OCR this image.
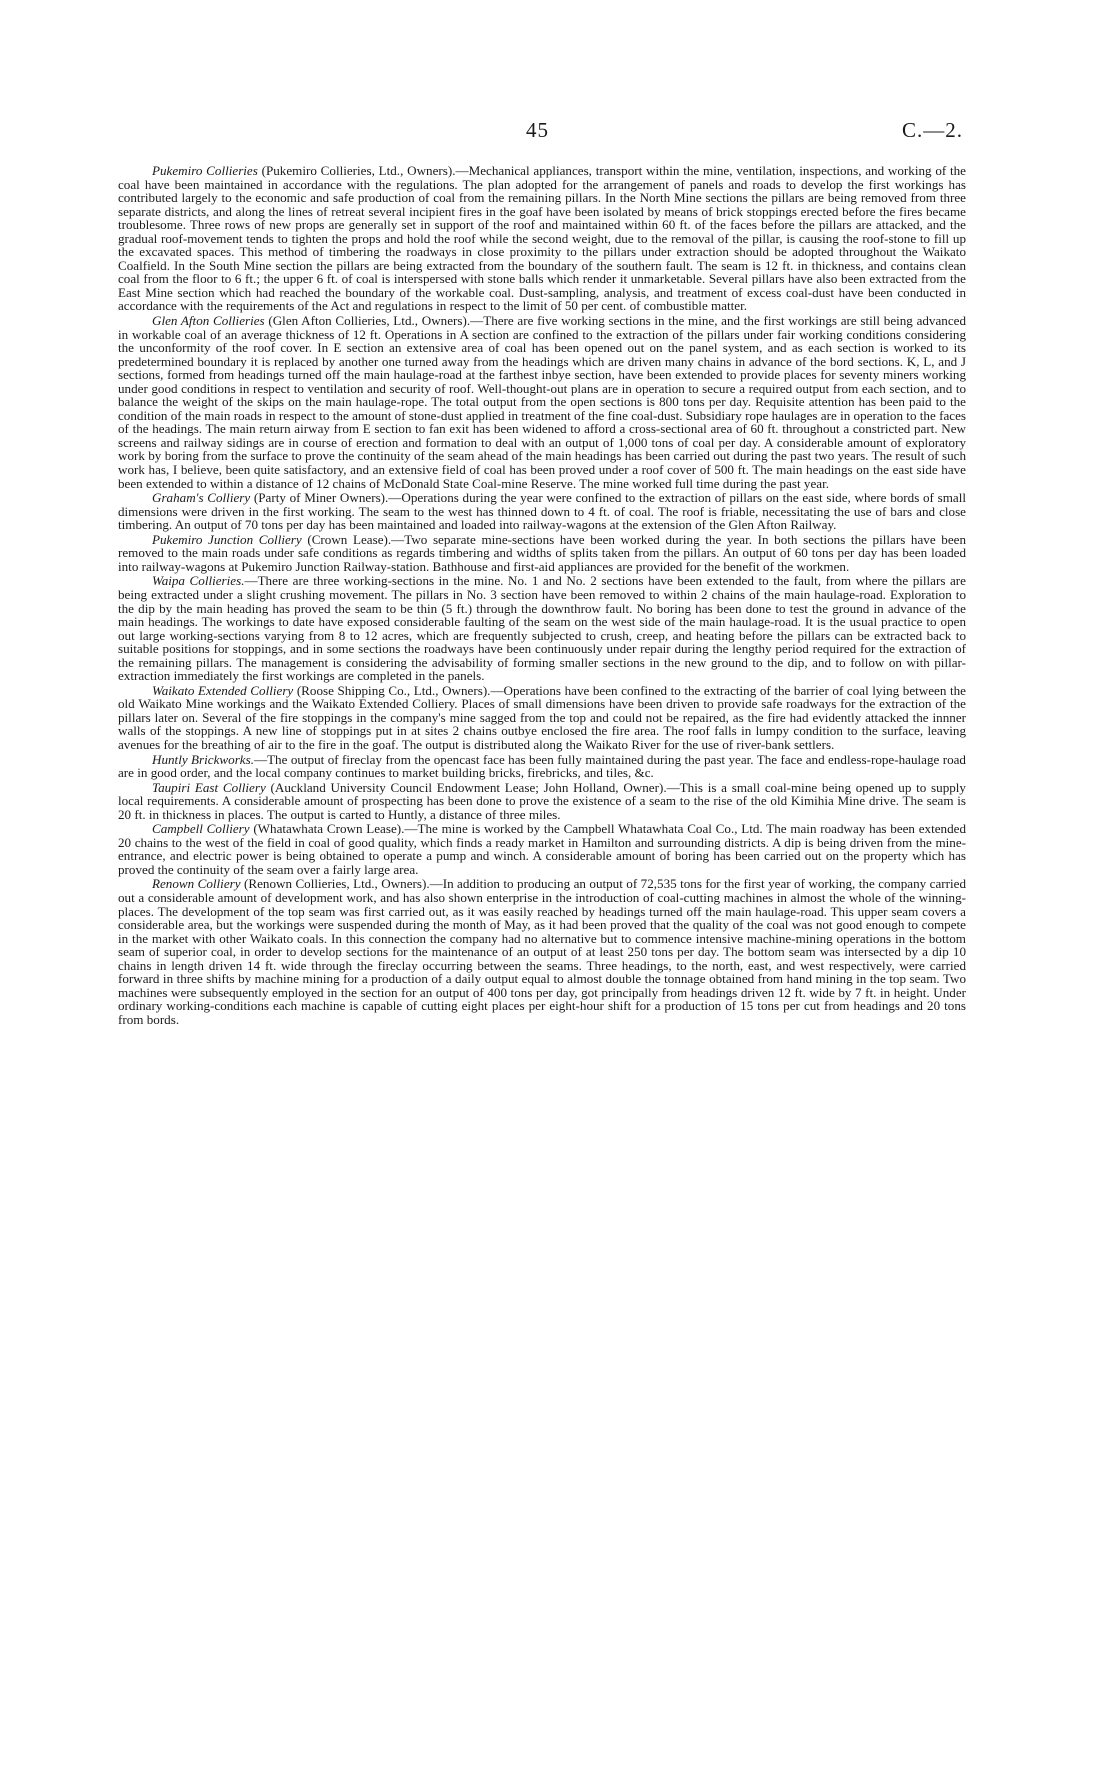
45	C.—2.

Pukemiro Collieries (Pukemiro Collieries, Ltd., Owners).—Mechanical appliances, transport within the mine, ventilation, inspections, and working of the coal have been maintained in accordance with the regulations. The plan adopted for the arrangement of panels and roads to develop the first workings has contributed largely to the economic and safe production of coal from the remaining pillars. In the North Mine sections the pillars are being removed from three separate districts, and along the lines of retreat several incipient fires in the goaf have been isolated by means of brick stoppings erected before the fires became troublesome. Three rows of new props are generally set in support of the roof and maintained within 60 ft. of the faces before the pillars are attacked, and the gradual roof-movement tends to tighten the props and hold the roof while the second weight, due to the removal of the pillar, is causing the roof-stone to fill up the excavated spaces. This method of timbering the roadways in close proximity to the pillars under extraction should be adopted throughout the Waikato Coalfield. In the South Mine section the pillars are being extracted from the boundary of the southern fault. The seam is 12 ft. in thickness, and contains clean coal from the floor to 6 ft.; the upper 6 ft. of coal is interspersed with stone balls which render it unmarketable. Several pillars have also been extracted from the East Mine section which had reached the boundary of the workable coal. Dust-sampling, analysis, and treatment of excess coal-dust have been conducted in accordance with the requirements of the Act and regulations in respect to the limit of 50 per cent. of combustible matter.

Glen Afton Collieries (Glen Afton Collieries, Ltd., Owners).—There are five working sections in the mine, and the first workings are still being advanced in workable coal of an average thickness of 12 ft. Operations in A section are confined to the extraction of the pillars under fair working conditions considering the unconformity of the roof cover. In E section an extensive area of coal has been opened out on the panel system, and as each section is worked to its predetermined boundary it is replaced by another one turned away from the headings which are driven many chains in advance of the bord sections. K, L, and J sections, formed from headings turned off the main haulage-road at the farthest inbye section, have been extended to provide places for seventy miners working under good conditions in respect to ventilation and security of roof. Well-thought-out plans are in operation to secure a required output from each section, and to balance the weight of the skips on the main haulage-rope. The total output from the open sections is 800 tons per day. Requisite attention has been paid to the condition of the main roads in respect to the amount of stone-dust applied in treatment of the fine coal-dust. Subsidiary rope haulages are in operation to the faces of the headings. The main return airway from E section to fan exit has been widened to afford a cross-sectional area of 60 ft. throughout a constricted part. New screens and railway sidings are in course of erection and formation to deal with an output of 1,000 tons of coal per day. A considerable amount of exploratory work by boring from the surface to prove the continuity of the seam ahead of the main headings has been carried out during the past two years. The result of such work has, I believe, been quite satisfactory, and an extensive field of coal has been proved under a roof cover of 500 ft. The main headings on the east side have been extended to within a distance of 12 chains of McDonald State Coal-mine Reserve. The mine worked full time during the past year.

Graham's Colliery (Party of Miner Owners).—Operations during the year were confined to the extraction of pillars on the east side, where bords of small dimensions were driven in the first working. The seam to the west has thinned down to 4 ft. of coal. The roof is friable, necessitating the use of bars and close timbering. An output of 70 tons per day has been maintained and loaded into railway-wagons at the extension of the Glen Afton Railway.

Pukemiro Junction Colliery (Crown Lease).—Two separate mine-sections have been worked during the year. In both sections the pillars have been removed to the main roads under safe conditions as regards timbering and widths of splits taken from the pillars. An output of 60 tons per day has been loaded into railway-wagons at Pukemiro Junction Railway-station. Bathhouse and first-aid appliances are provided for the benefit of the workmen.

Waipa Collieries.—There are three working-sections in the mine. No. 1 and No. 2 sections have been extended to the fault, from where the pillars are being extracted under a slight crushing movement. The pillars in No. 3 section have been removed to within 2 chains of the main haulage-road. Exploration to the dip by the main heading has proved the seam to be thin (5 ft.) through the downthrow fault. No boring has been done to test the ground in advance of the main headings. The workings to date have exposed considerable faulting of the seam on the west side of the main haulage-road. It is the usual practice to open out large working-sections varying from 8 to 12 acres, which are frequently subjected to crush, creep, and heating before the pillars can be extracted back to suitable positions for stoppings, and in some sections the roadways have been continuously under repair during the lengthy period required for the extraction of the remaining pillars. The management is considering the advisability of forming smaller sections in the new ground to the dip, and to follow on with pillar-extraction immediately the first workings are completed in the panels.

Waikato Extended Colliery (Roose Shipping Co., Ltd., Owners).—Operations have been confined to the extracting of the barrier of coal lying between the old Waikato Mine workings and the Waikato Extended Colliery. Places of small dimensions have been driven to provide safe roadways for the extraction of the pillars later on. Several of the fire stoppings in the company's mine sagged from the top and could not be repaired, as the fire had evidently attacked the innner walls of the stoppings. A new line of stoppings put in at sites 2 chains outbye enclosed the fire area. The roof falls in lumpy condition to the surface, leaving avenues for the breathing of air to the fire in the goaf. The output is distributed along the Waikato River for the use of river-bank settlers.

Huntly Brickworks.—The output of fireclay from the opencast face has been fully maintained during the past year. The face and endless-rope-haulage road are in good order, and the local company continues to market building bricks, firebricks, and tiles, &c.

Taupiri East Colliery (Auckland University Council Endowment Lease; John Holland, Owner).—This is a small coal-mine being opened up to supply local requirements. A considerable amount of prospecting has been done to prove the existence of a seam to the rise of the old Kimihia Mine drive. The seam is 20 ft. in thickness in places. The output is carted to Huntly, a distance of three miles.

Campbell Colliery (Whatawhata Crown Lease).—The mine is worked by the Campbell Whatawhata Coal Co., Ltd. The main roadway has been extended 20 chains to the west of the field in coal of good quality, which finds a ready market in Hamilton and surrounding districts. A dip is being driven from the mine-entrance, and electric power is being obtained to operate a pump and winch. A considerable amount of boring has been carried out on the property which has proved the continuity of the seam over a fairly large area.

Renown Colliery (Renown Collieries, Ltd., Owners).—In addition to producing an output of 72,535 tons for the first year of working, the company carried out a considerable amount of development work, and has also shown enterprise in the introduction of coal-cutting machines in almost the whole of the winning-places. The development of the top seam was first carried out, as it was easily reached by headings turned off the main haulage-road. This upper seam covers a considerable area, but the workings were suspended during the month of May, as it had been proved that the quality of the coal was not good enough to compete in the market with other Waikato coals. In this connection the company had no alternative but to commence intensive machine-mining operations in the bottom seam of superior coal, in order to develop sections for the maintenance of an output of at least 250 tons per day. The bottom seam was intersected by a dip 10 chains in length driven 14 ft. wide through the fireclay occurring between the seams. Three headings, to the north, east, and west respectively, were carried forward in three shifts by machine mining for a production of a daily output equal to almost double the tonnage obtained from hand mining in the top seam. Two machines were subsequently employed in the section for an output of 400 tons per day, got principally from headings driven 12 ft. wide by 7 ft. in height. Under ordinary working-conditions each machine is capable of cutting eight places per eight-hour shift for a production of 15 tons per cut from headings and 20 tons from bords.
